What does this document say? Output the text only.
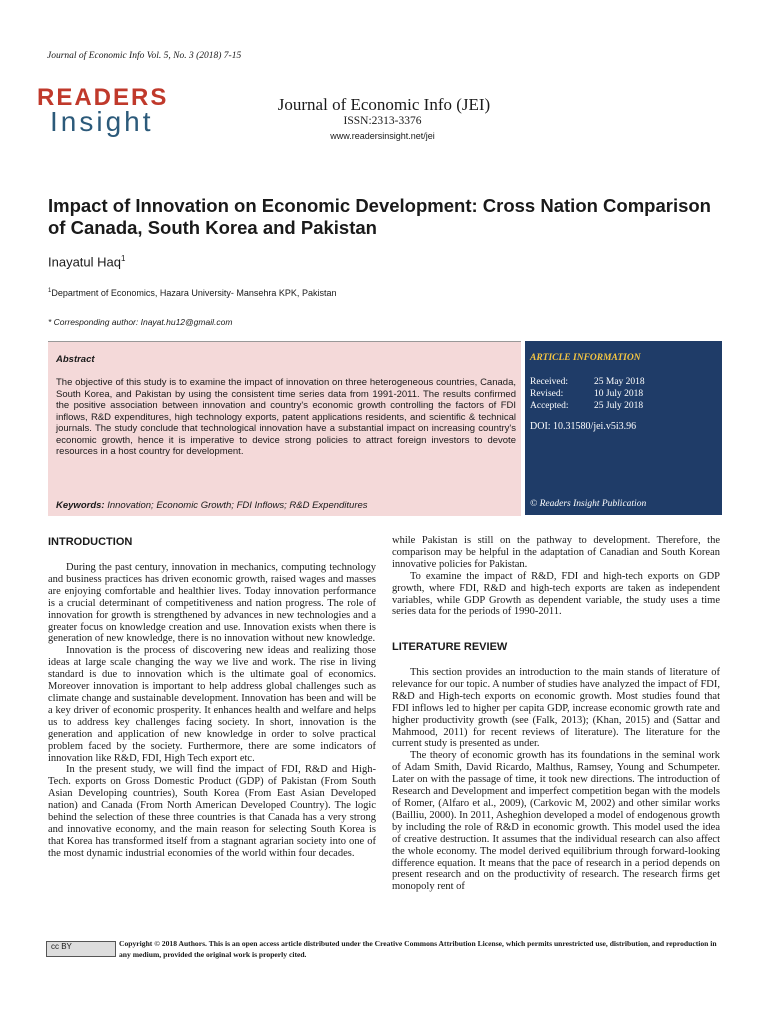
Journal of Economic Info Vol. 5, No. 3 (2018) 7-15
READERS
Insight
Journal of Economic Info (JEI)
ISSN:2313-3376
www.readersinsight.net/jei
Impact of Innovation on Economic Development: Cross Nation Comparison of Canada, South Korea and Pakistan
Inayatul Haq$^1$
$^1$Department of Economics, Hazara University- Mansehra KPK, Pakistan
* Corresponding author: Inayat.hu12@gmail.com
Abstract
The objective of this study is to examine the impact of innovation on three heterogeneous countries, Canada, South Korea, and Pakistan by using the consistent time series data from 1991-2011. The results confirmed the positive association between innovation and country's economic growth controlling the factors of FDI inflows, R&D expenditures, high technology exports, patent applications residents, and scientific & technical journals. The study conclude that technological innovation have a substantial impact on increasing country's economic growth, hence it is imperative to device strong policies to attract foreign investors to devote resources in a host country for development.
Keywords: Innovation; Economic Growth; FDI Inflows; R&D Expenditures
ARTICLE INFORMATION
Received:	25 May 2018
Revised:	10 July 2018
Accepted:	25 July 2018
DOI: 10.31580/jei.v5i3.96
© Readers Insight Publication
INTRODUCTION

During the past century, innovation in mechanics, computing technology and business practices has driven economic growth, raised wages and masses are enjoying comfortable and healthier lives. Today innovation performance is a crucial determinant of competitiveness and nation progress. The role of innovation for growth is strengthened by advances in new technologies and a greater focus on knowledge creation and use. Innovation exists when there is generation of new knowledge, there is no innovation without new knowledge.

Innovation is the process of discovering new ideas and realizing those ideas at large scale changing the way we live and work. The rise in living standard is due to innovation which is the ultimate goal of economics. Moreover innovation is important to help address global challenges such as climate change and sustainable development. Innovation has been and will be a key driver of economic prosperity. It enhances health and welfare and helps us to address key challenges facing society. In short, innovation is the generation and application of new knowledge in order to solve practical problem faced by the society. Furthermore, there are some indicators of innovation like R&D, FDI, High Tech export etc.

In the present study, we will find the impact of FDI, R&D and High-Tech. exports on Gross Domestic Product (GDP) of Pakistan (From South Asian Developing countries), South Korea (From East Asian Developed nation) and Canada (From North American Developed Country). The logic behind the selection of these three countries is that Canada has a very strong and innovative economy, and the main reason for selecting South Korea is that Korea has transformed itself from a stagnant agrarian society into one of the most dynamic industrial economies of the world within four decades.

while Pakistan is still on the pathway to development. Therefore, the comparison may be helpful in the adaptation of Canadian and South Korean innovative policies for Pakistan.

To examine the impact of R&D, FDI and high-tech exports on GDP growth, where FDI, R&D and high-tech exports are taken as independent variables, while GDP Growth as dependent variable, the study uses a time series data for the periods of 1990-2011.

LITERATURE REVIEW

This section provides an introduction to the main stands of literature of relevance for our topic. A number of studies have analyzed the impact of FDI, R&D and High-tech exports on economic growth. Most studies found that FDI inflows led to higher per capita GDP, increase economic growth rate and higher productivity growth (see (Falk, 2013); (Khan, 2015) and (Sattar and Mahmood, 2011) for recent reviews of literature). The literature for the current study is presented as under.

The theory of economic growth has its foundations in the seminal work of Adam Smith, David Ricardo, Malthus, Ramsey, Young and Schumpeter. Later on with the passage of time, it took new directions. The introduction of Research and Development and imperfect competition began with the models of Romer, (Alfaro et al., 2009), (Carkovic M, 2002) and other similar works (Bailliu, 2000). In 2011, Asheghion developed a model of endogenous growth by including the role of R&D in economic growth. This model used the idea of creative destruction. It assumes that the individual research can also affect the whole economy. The model derived equilibrium through forward-looking difference equation. It means that the pace of research in a period depends on present research and on the productivity of research. The research firms get monopoly rent of

cc BY	Copyright © 2018 Authors. This is an open access article distributed under the Creative Commons Attribution License, which permits unrestricted use, distribution, and reproduction in any medium, provided the original work is properly cited.
